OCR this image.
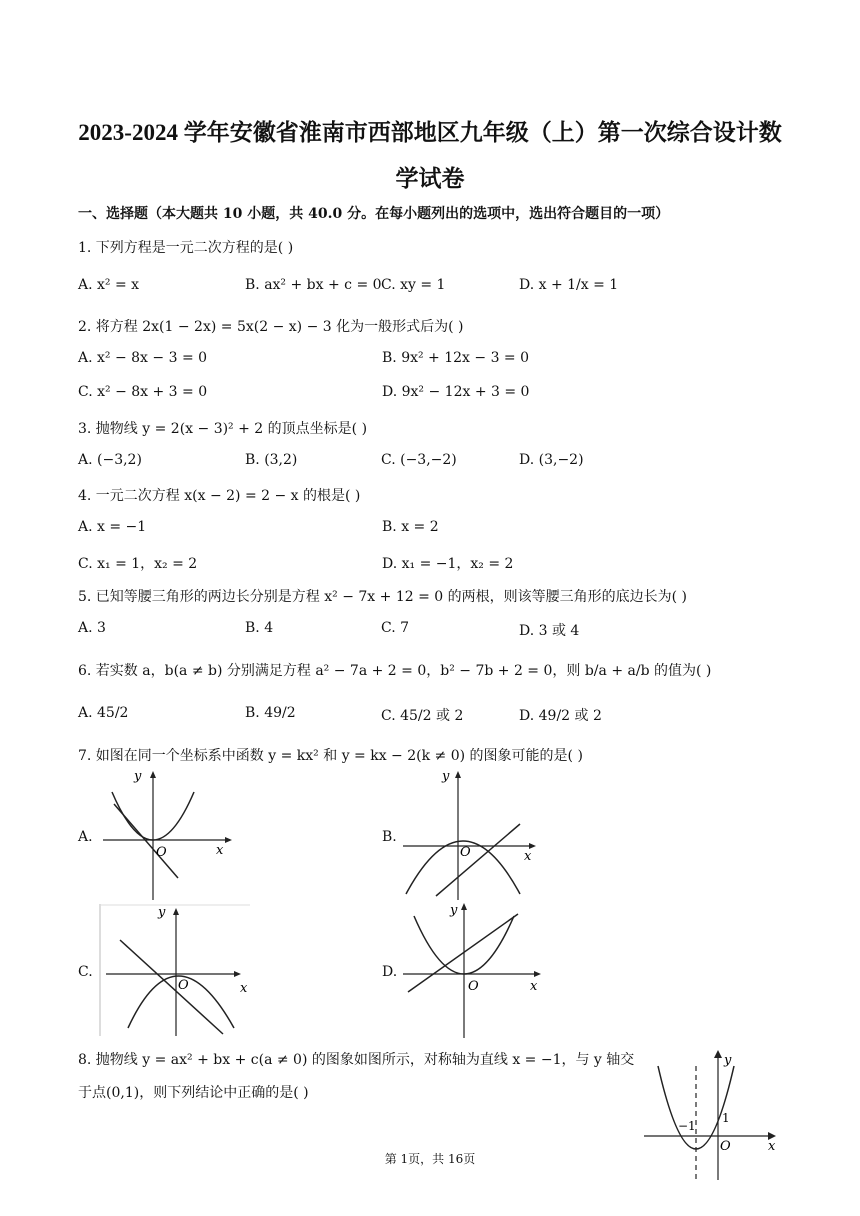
2023-2024 学年安徽省淮南市西部地区九年级（上）第一次综合设计数
学试卷
一、选择题（本大题共 10 小题，共 40.0 分。在每小题列出的选项中，选出符合题目的一项）
1. 下列方程是一元二次方程的是( )
A. x² = x	B. ax² + bx + c = 0 C. xy = 1	D. x + 1/x = 1
2. 将方程 2x(1 − 2x) = 5x(2 − x) − 3 化为一般形式后为( )
A. x² − 8x − 3 = 0	B. 9x² + 12x − 3 = 0
C. x² − 8x + 3 = 0	D. 9x² − 12x + 3 = 0
3. 抛物线 y = 2(x − 3)² + 2 的顶点坐标是( )
A. (−3,2)	B. (3,2)	C. (−3,−2)	D. (3,−2)
4. 一元二次方程 x(x − 2) = 2 − x 的根是( )
A. x = −1	B. x = 2
C. x₁ = 1，x₂ = 2	D. x₁ = −1，x₂ = 2
5. 已知等腰三角形的两边长分别是方程 x² − 7x + 12 = 0 的两根，则该等腰三角形的底边长为( )
A. 3	B. 4	C. 7	D. 3 或 4
6. 若实数 a，b(a ≠ b) 分别满足方程 a² − 7a + 2 = 0，b² − 7b + 2 = 0，则 b/a + a/b 的值为( )
A. 45/2	B. 49/2	C. 45/2 或 2	D. 49/2 或 2
7. 如图在同一个坐标系中函数 y = kx² 和 y = kx − 2(k ≠ 0) 的图象可能的是( )
A.	B.
C.	D.
y
O	x
y
O	x
y
O	x
y
O	x
8. 抛物线 y = ax² + bx + c(a ≠ 0) 的图象如图所示，对称轴为直线 x = −1，与 y 轴交
于点(0,1)，则下列结论中正确的是( )
y
1
−1
O	x
第 1页，共 16页
